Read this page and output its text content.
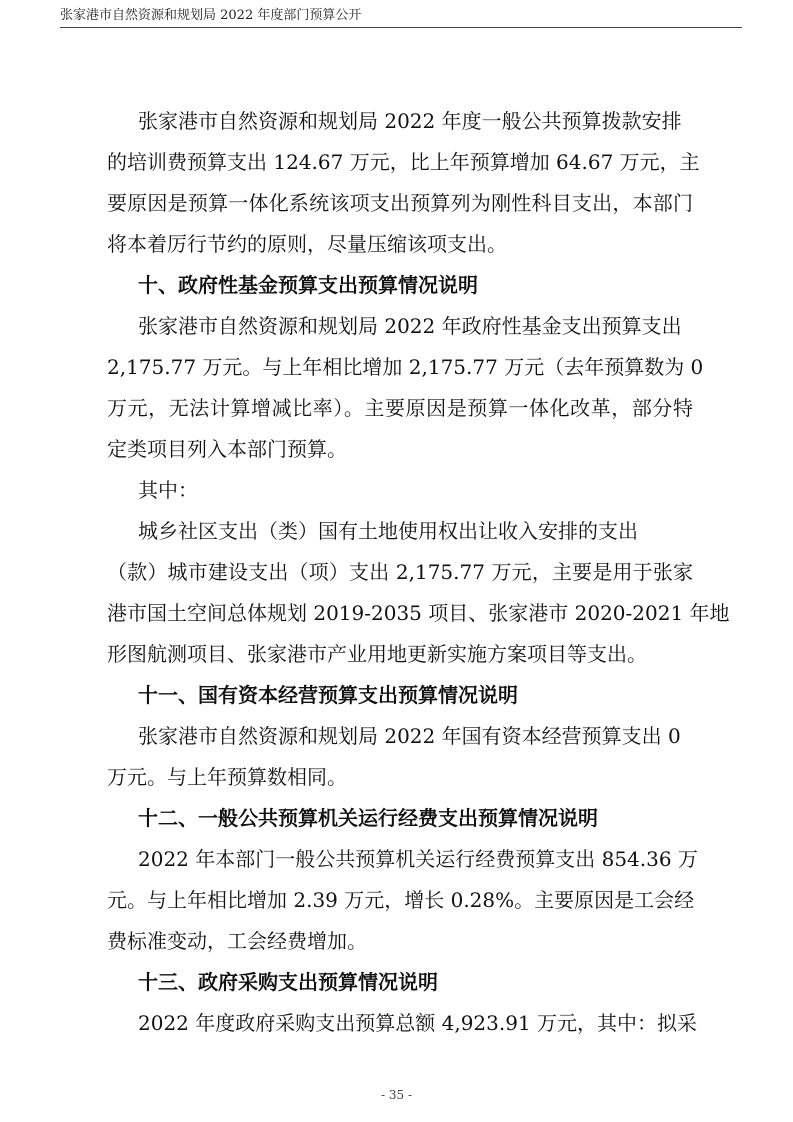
张家港市自然资源和规划局 2022 年度部门预算公开
张家港市自然资源和规划局 2022 年度一般公共预算拨款安排
的培训费预算支出 124.67 万元，比上年预算增加 64.67 万元，主
要原因是预算一体化系统该项支出预算列为刚性科目支出，本部门
将本着厉行节约的原则，尽量压缩该项支出。
十、政府性基金预算支出预算情况说明
张家港市自然资源和规划局 2022 年政府性基金支出预算支出
2,175.77 万元。与上年相比增加 2,175.77 万元（去年预算数为 0
万元，无法计算增减比率）。主要原因是预算一体化改革，部分特
定类项目列入本部门预算。
其中：
城乡社区支出（类）国有土地使用权出让收入安排的支出
（款）城市建设支出（项）支出 2,175.77 万元，主要是用于张家
港市国土空间总体规划 2019-2035 项目、张家港市 2020-2021 年地
形图航测项目、张家港市产业用地更新实施方案项目等支出。
十一、国有资本经营预算支出预算情况说明
张家港市自然资源和规划局 2022 年国有资本经营预算支出 0
万元。与上年预算数相同。
十二、一般公共预算机关运行经费支出预算情况说明
2022 年本部门一般公共预算机关运行经费预算支出 854.36 万
元。与上年相比增加 2.39 万元，增长 0.28%。主要原因是工会经
费标准变动，工会经费增加。
十三、政府采购支出预算情况说明
2022 年度政府采购支出预算总额 4,923.91 万元，其中：拟采
- 35 -
